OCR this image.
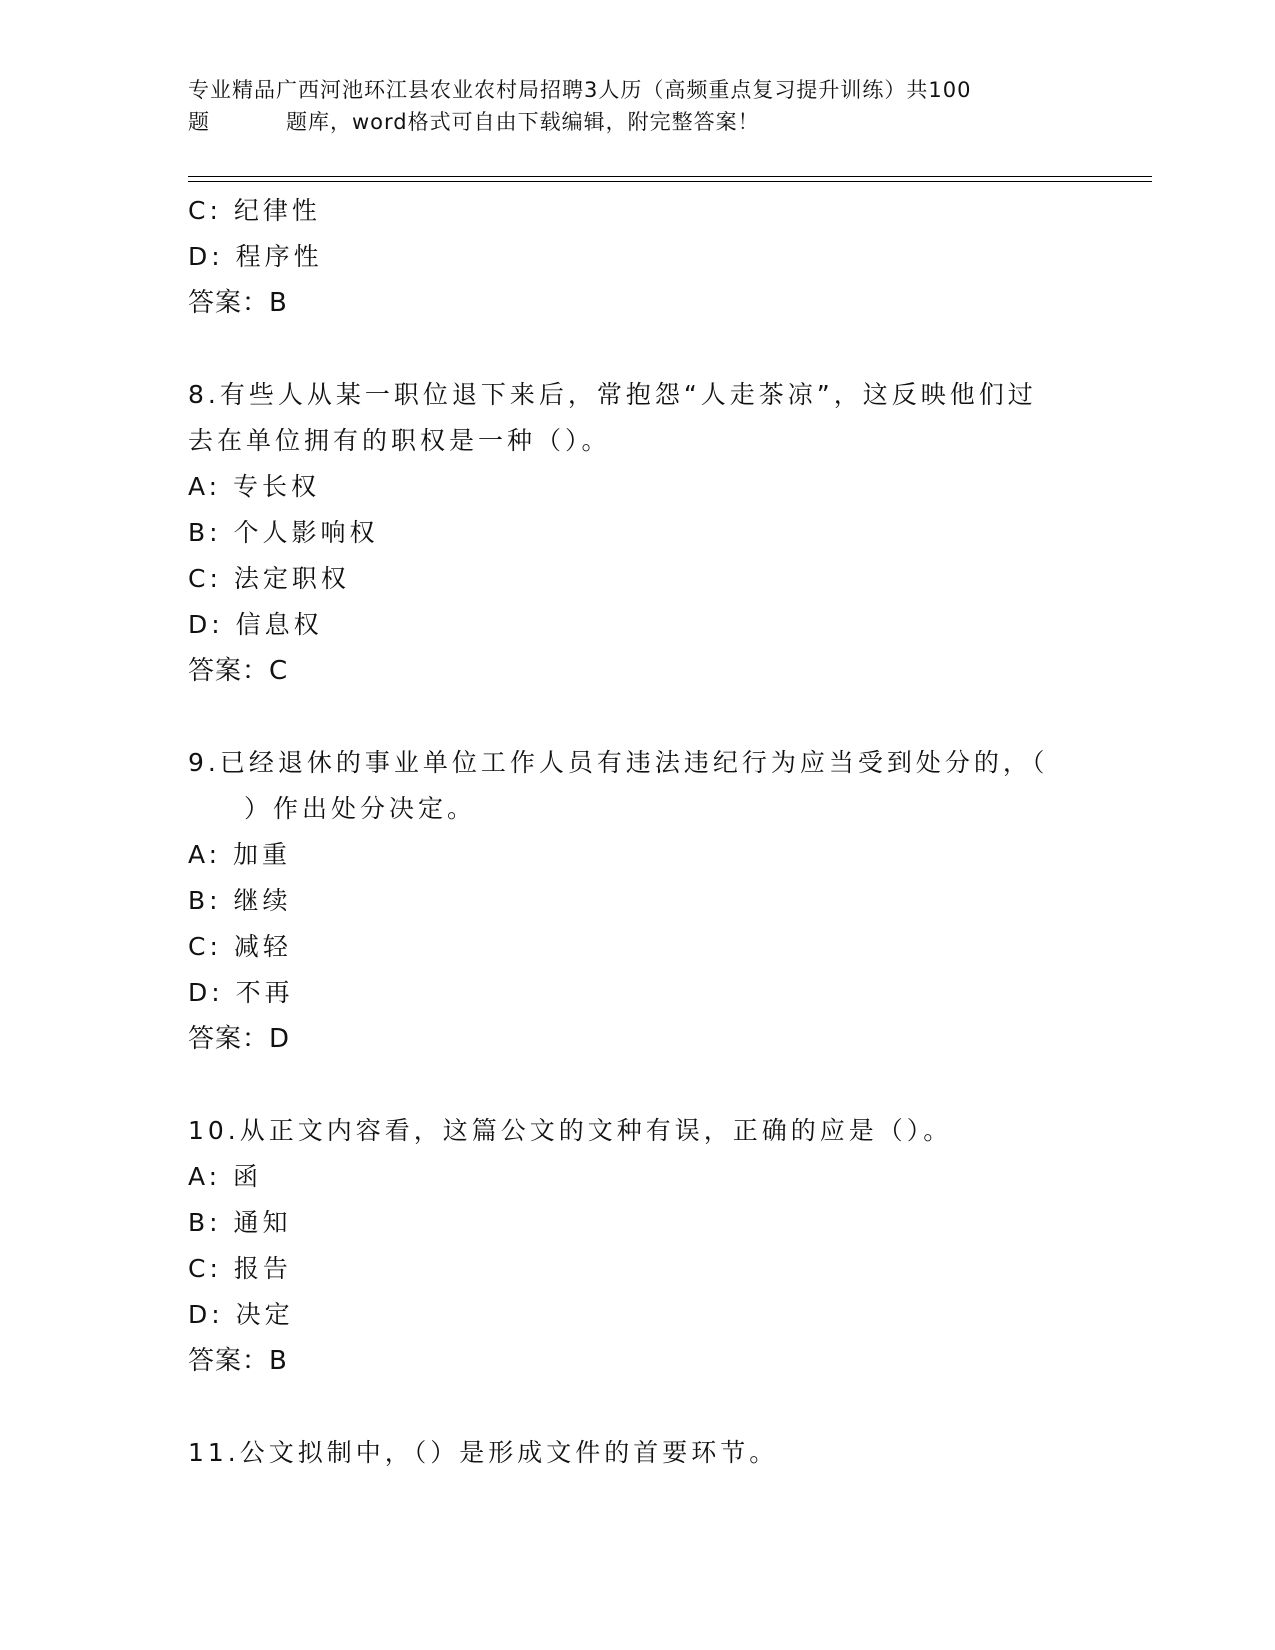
专业精品广西河池环江县农业农村局招聘3人历（高频重点复习提升训练）共100
题	题库，word格式可自由下载编辑，附完整答案！
C: 纪律性
D: 程序性
答案：B
8.有些人从某一职位退下来后，常抱怨“人走茶凉”，这反映他们过
去在单位拥有的职权是一种（）。
A: 专长权
B: 个人影响权
C: 法定职权
D: 信息权
答案：C
9.已经退休的事业单位工作人员有违法违纪行为应当受到处分的，（
）作出处分决定。
A: 加重
B: 继续
C: 减轻
D: 不再
答案：D
10.从正文内容看，这篇公文的文种有误，正确的应是（）。
A: 函
B: 通知
C: 报告
D: 决定
答案：B
11.公文拟制中，（）是形成文件的首要环节。
